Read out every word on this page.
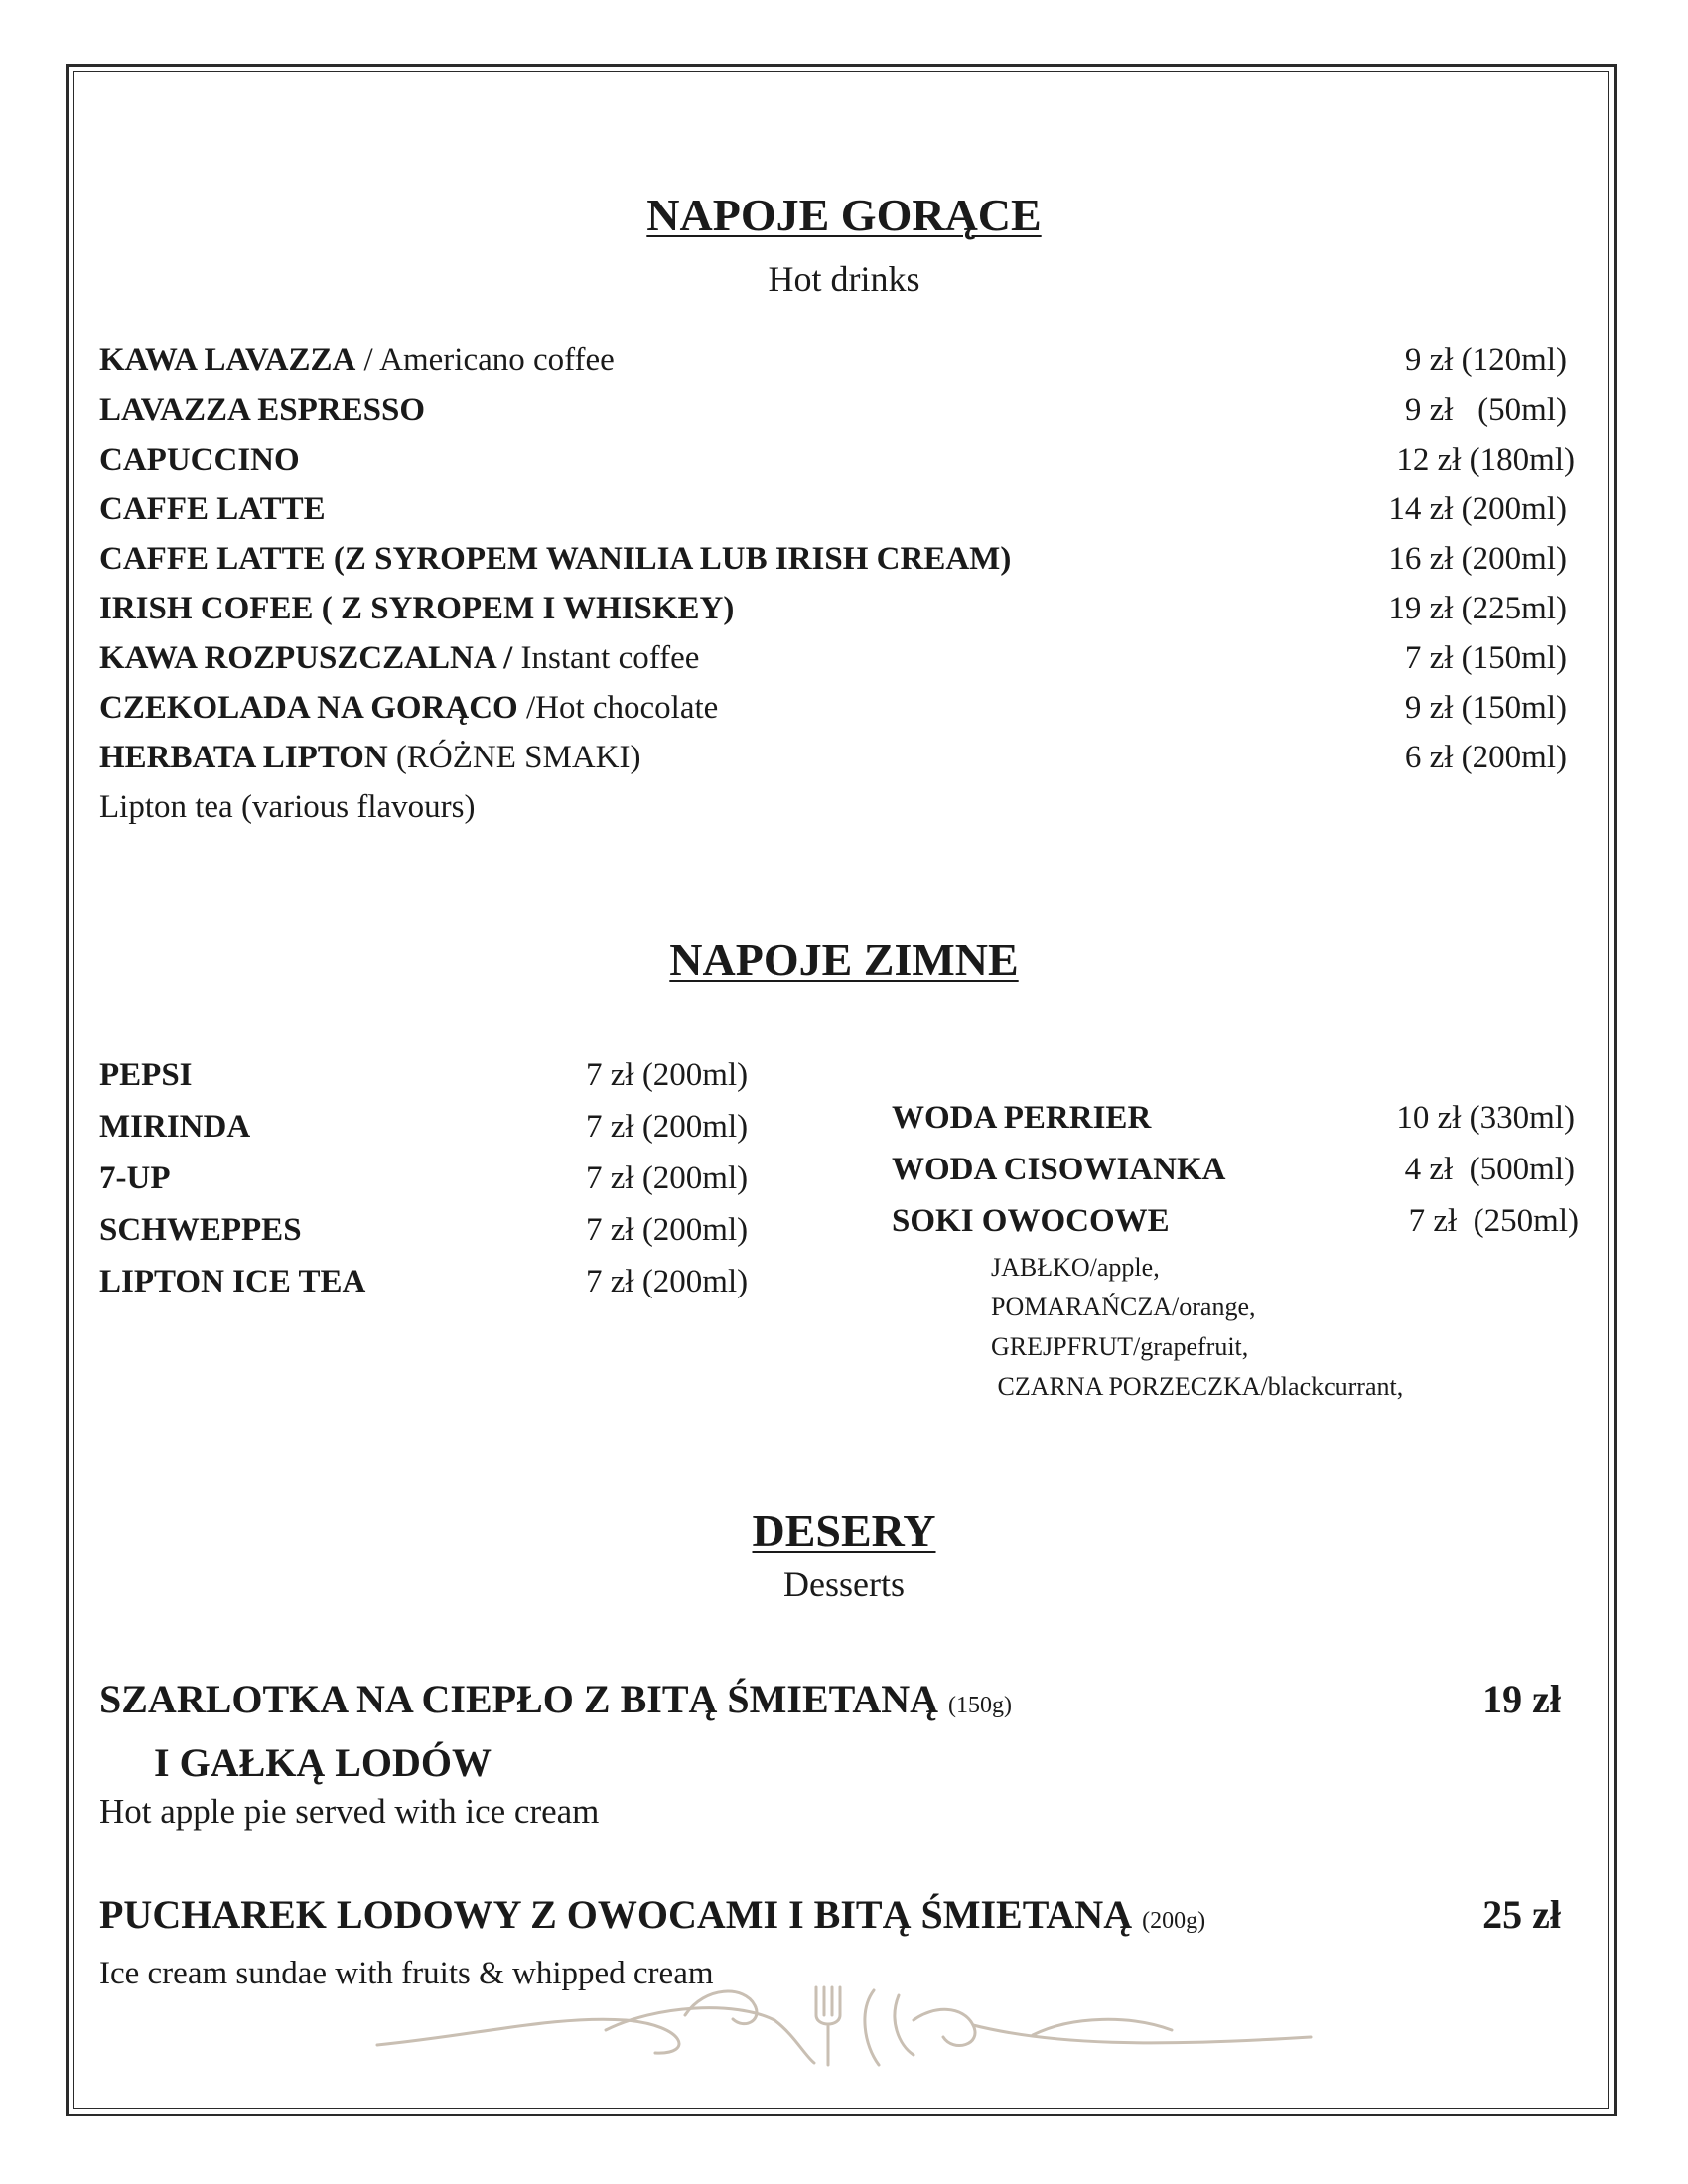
NAPOJE GORĄCE
Hot drinks
KAWA LAVAZZA / Americano coffee	9 zł (120ml)
LAVAZZA ESPRESSO	9 zł   (50ml)
CAPUCCINO	12 zł (180ml)
CAFFE LATTE	14 zł (200ml)
CAFFE LATTE (Z SYROPEM WANILIA LUB IRISH CREAM)	16 zł (200ml)
IRISH COFEE ( Z SYROPEM I WHISKEY)	19 zł (225ml)
KAWA ROZPUSZCZALNA / Instant coffee	7 zł (150ml)
CZEKOLADA NA GORĄCO /Hot chocolate	9 zł (150ml)
HERBATA LIPTON (RÓŻNE SMAKI)	6 zł (200ml)
Lipton tea (various flavours)
NAPOJE ZIMNE
PEPSI	7 zł (200ml)
MIRINDA	7 zł (200ml)
7-UP	7 zł (200ml)
SCHWEPPES	7 zł (200ml)
LIPTON ICE TEA	7 zł (200ml)
WODA PERRIER	10 zł (330ml)
WODA CISOWIANKA	4 zł  (500ml)
SOKI OWOCOWE	7 zł  (250ml)
JABŁKO/apple,
POMARAŃCZA/orange,
GREJPFRUT/grapefruit,
CZARNA PORZECZKA/blackcurrant,
DESERY
Desserts
SZARLOTKA NA CIEPŁO Z BITĄ ŚMIETANĄ (150g)	19 zł
I GAŁKĄ LODÓW
Hot apple pie served with ice cream
PUCHAREK LODOWY Z OWOCAMI I BITĄ ŚMIETANĄ (200g)	25 zł
Ice cream sundae with fruits & whipped cream
